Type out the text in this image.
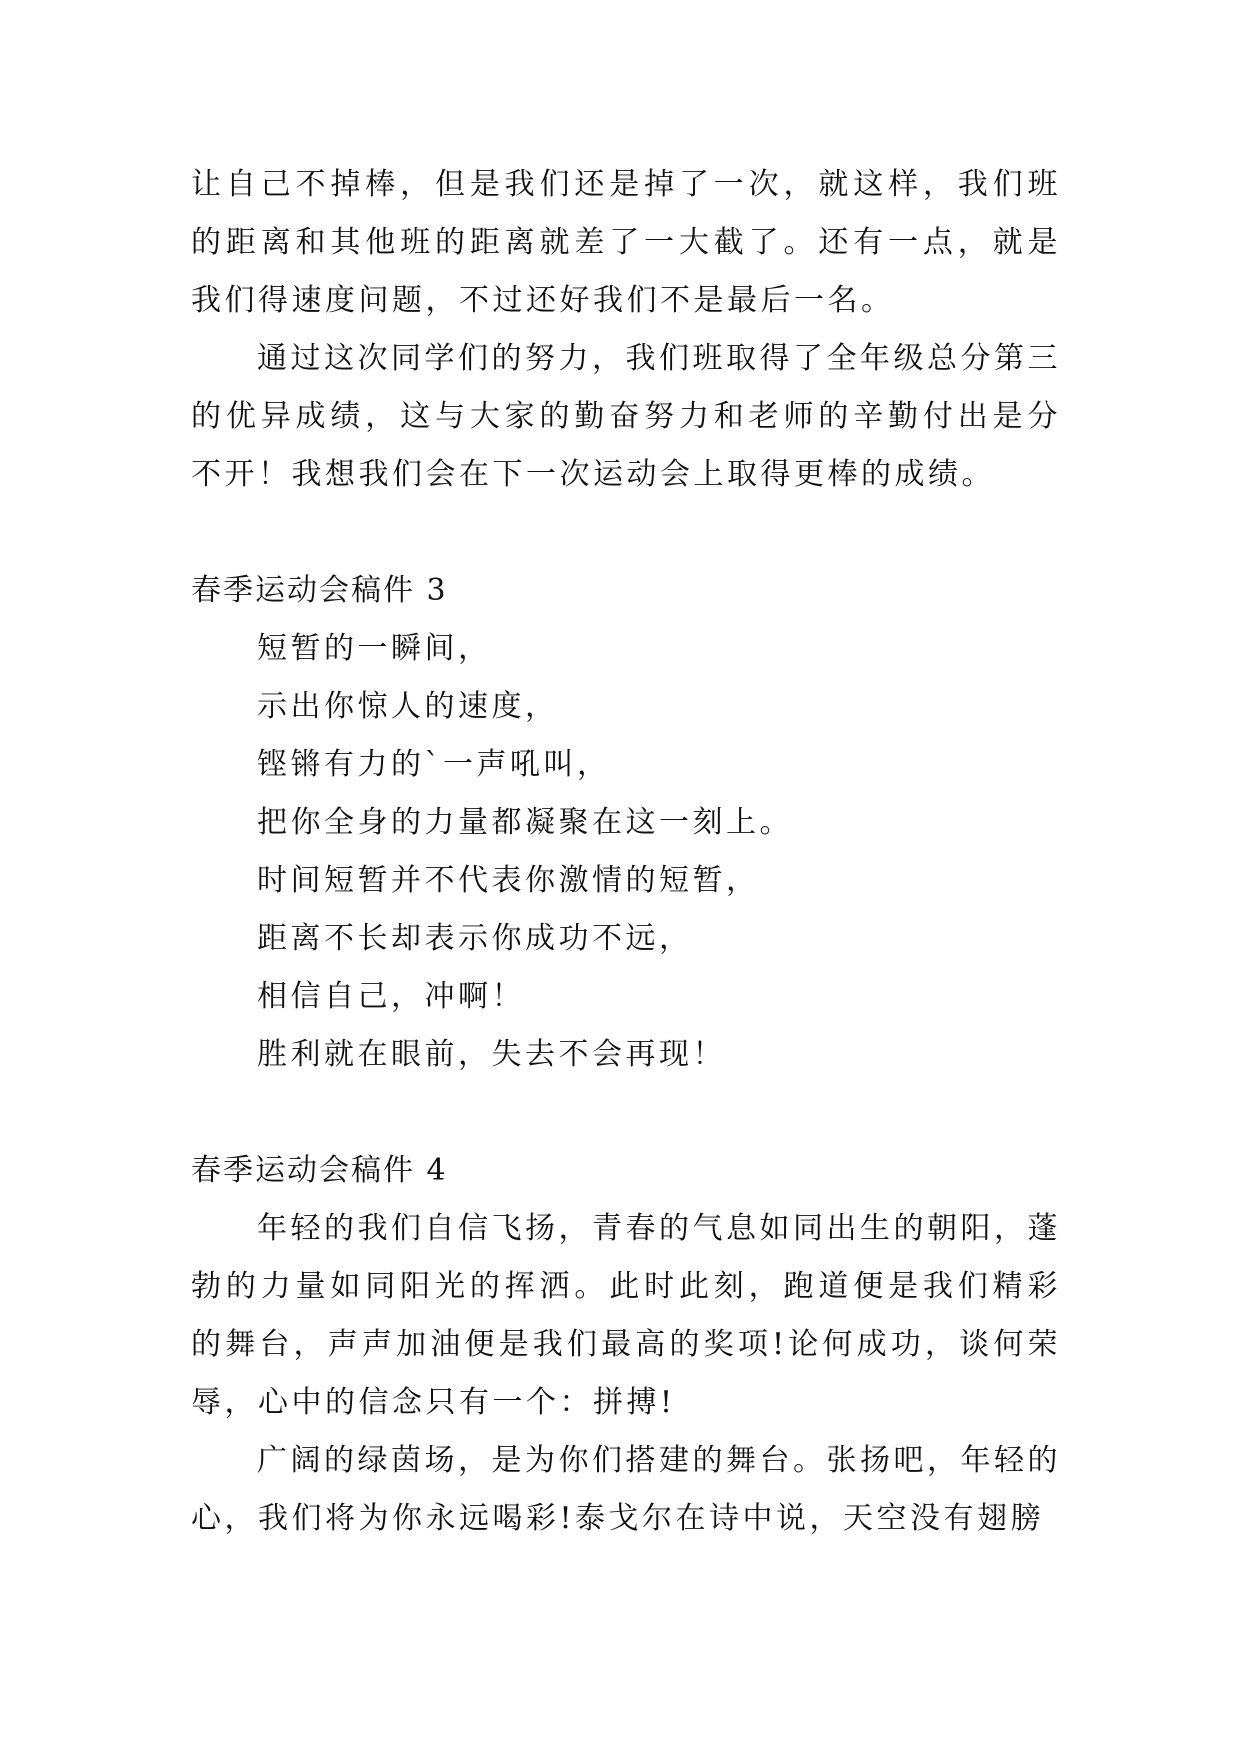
让自己不掉棒，但是我们还是掉了一次，就这样，我们班的距离和其他班的距离就差了一大截了。还有一点，就是我们得速度问题，不过还好我们不是最后一名。

通过这次同学们的努力，我们班取得了全年级总分第三的优异成绩，这与大家的勤奋努力和老师的辛勤付出是分不开！我想我们会在下一次运动会上取得更棒的成绩。

春季运动会稿件 3

短暂的一瞬间，

示出你惊人的速度，

铿锵有力的`一声吼叫，

把你全身的力量都凝聚在这一刻上。

时间短暂并不代表你激情的短暂，

距离不长却表示你成功不远，

相信自己，冲啊！

胜利就在眼前，失去不会再现！

春季运动会稿件 4

年轻的我们自信飞扬，青春的气息如同出生的朝阳，蓬勃的力量如同阳光的挥洒。此时此刻，跑道便是我们精彩的舞台，声声加油便是我们最高的奖项!论何成功，谈何荣辱，心中的信念只有一个：拼搏!

广阔的绿茵场，是为你们搭建的舞台。张扬吧，年轻的心，我们将为你永远喝彩!泰戈尔在诗中说，天空没有翅膀
